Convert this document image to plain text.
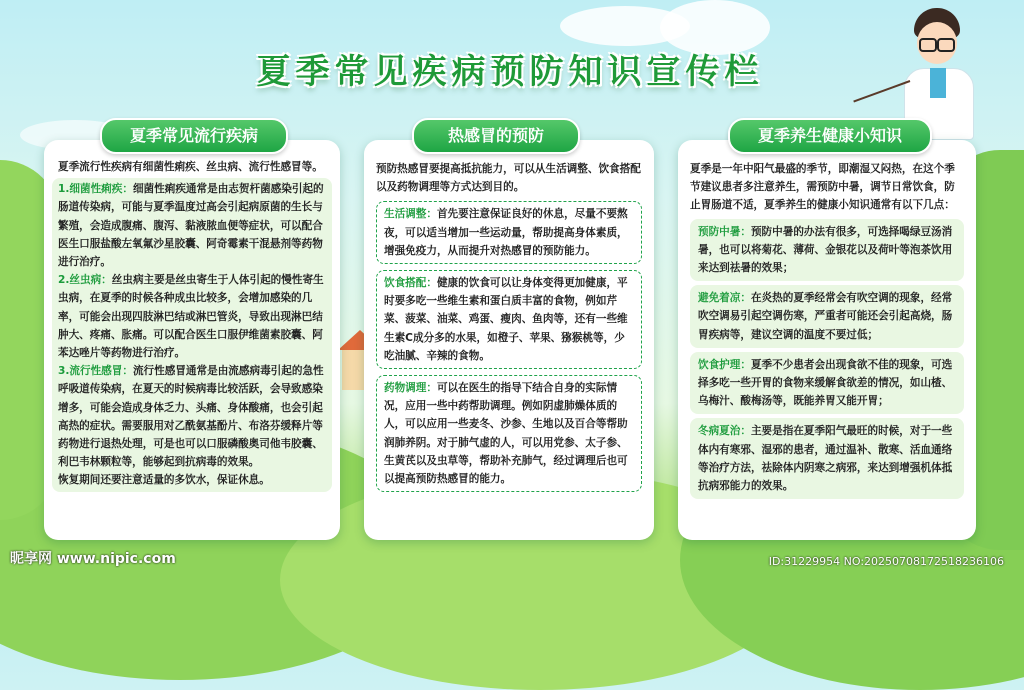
夏季常见疾病预防知识宣传栏
夏季流行性疾病有细菌性痢疾、丝虫病、流行性感冒等。
1.细菌性痢疾：细菌性痢疾通常是由志贺杆菌感染引起的肠道传染病，可能与夏季温度过高会引起病原菌的生长与繁殖，会造成腹痛、腹泻、黏液脓血便等症状，可以配合医生口服盐酸左氧氟沙星胶囊、阿奇霉素干混悬剂等药物进行治疗。
2.丝虫病：丝虫病主要是丝虫寄生于人体引起的慢性寄生虫病，在夏季的时候各种成虫比较多，会增加感染的几率，可能会出现四肢淋巴结或淋巴管炎，导致出现淋巴结肿大、疼痛、胀痛。可以配合医生口服伊维菌素胶囊、阿苯达唑片等药物进行治疗。
3.流行性感冒：流行性感冒通常是由流感病毒引起的急性呼吸道传染病，在夏天的时候病毒比较活跃，会导致感染增多，可能会造成身体乏力、头痛、身体酸痛，也会引起高热的症状。需要服用对乙酰氨基酚片、布洛芬缓释片等药物进行退热处理，可是也可以口服磷酸奥司他韦胶囊、利巴韦林颗粒等，能够起到抗病毒的效果。
恢复期间还要注意适量的多饮水，保证休息。
夏季常见流行疾病
预防热感冒要提高抵抗能力，可以从生活调整、饮食搭配以及药物调理等方式达到目的。
生活调整：首先要注意保证良好的休息，尽量不要熬夜，可以适当增加一些运动量，帮助提高身体素质，增强免疫力，从而提升对热感冒的预防能力。
饮食搭配：健康的饮食可以让身体变得更加健康，平时要多吃一些维生素和蛋白质丰富的食物，例如芹菜、菠菜、油菜、鸡蛋、瘦肉、鱼肉等，还有一些维生素C成分多的水果，如橙子、苹果、猕猴桃等，少吃油腻、辛辣的食物。
药物调理：可以在医生的指导下结合自身的实际情况，应用一些中药帮助调理。例如阴虚肺燥体质的人，可以应用一些麦冬、沙参、生地以及百合等帮助润肺养阴。对于肺气虚的人，可以用党参、太子参、生黄芪以及虫草等，帮助补充肺气，经过调理后也可以提高预防热感冒的能力。
热感冒的预防
夏季是一年中阳气最盛的季节，即潮湿又闷热，在这个季节建议患者多注意养生，需预防中暑，调节日常饮食，防止胃肠道不适，夏季养生的健康小知识通常有以下几点：
预防中暑：预防中暑的办法有很多，可选择喝绿豆汤消暑，也可以将菊花、薄荷、金银花以及荷叶等泡茶饮用来达到祛暑的效果；
避免着凉：在炎热的夏季经常会有吹空调的现象，经常吹空调易引起空调伤寒，严重者可能还会引起高烧，肠胃疾病等，建议空调的温度不要过低；
饮食护理：夏季不少患者会出现食欲不佳的现象，可选择多吃一些开胃的食物来缓解食欲差的情况，如山楂、乌梅汁、酸梅汤等，既能养胃又能开胃；
冬病夏治：主要是指在夏季阳气最旺的时候，对于一些体内有寒邪、湿邪的患者，通过温补、散寒、活血通络等治疗方法，祛除体内阴寒之病邪，来达到增强机体抵抗病邪能力的效果。
夏季养生健康小知识
昵享网 www.nipic.com	ID:31229954 NO:20250708172518236106
